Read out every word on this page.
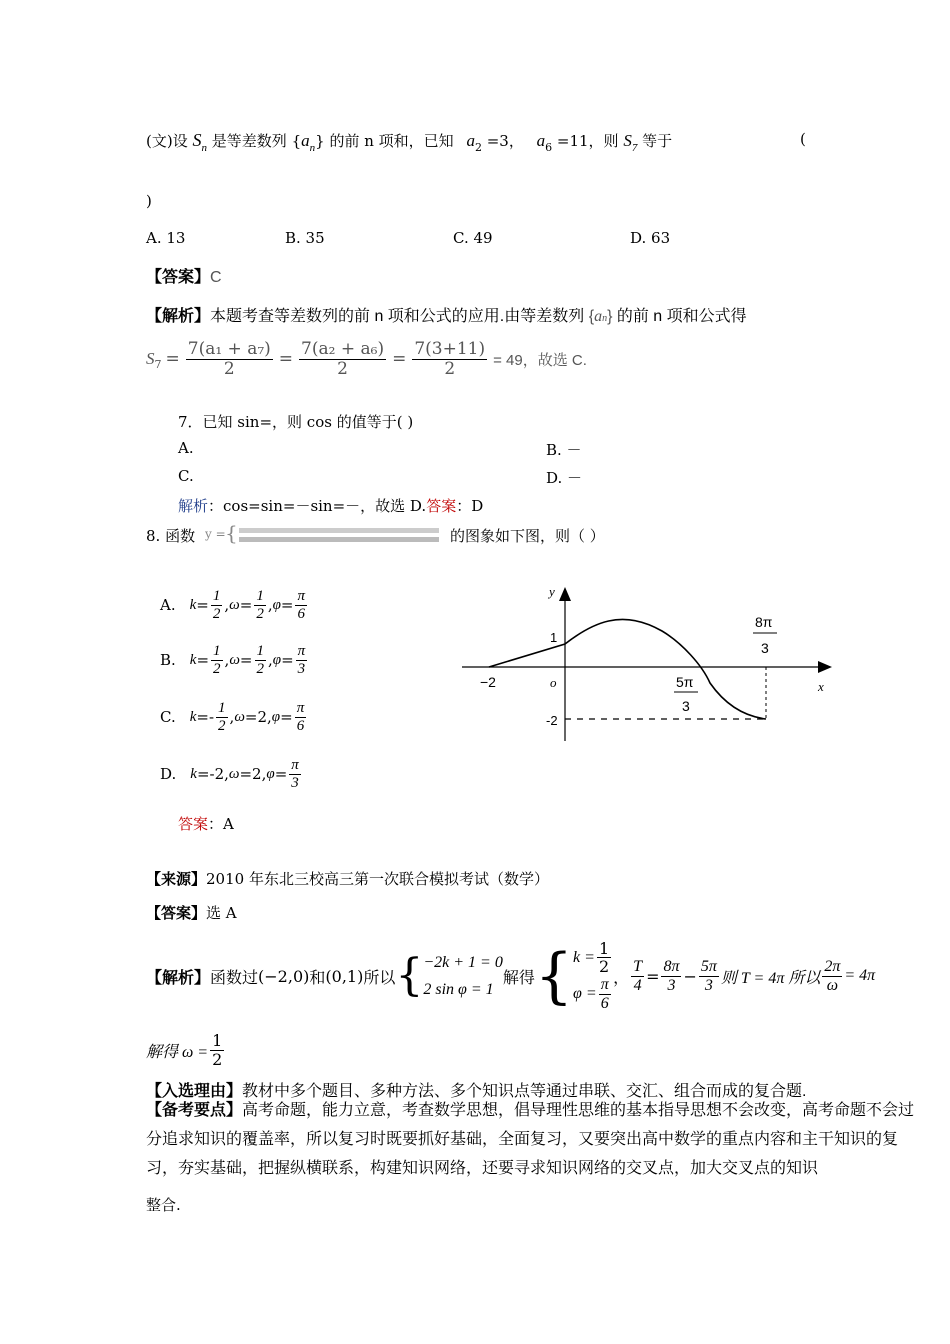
(文)设 $S_n$ 是等差数列 $\{a_n\}$ 的前 n 项和，已知 $a_2 =3$， $a_6 =11$，则 $S_7$ 等于	(
)
A. 13	B. 35	C. 49	D. 63
【答案】C
【解析】本题考查等差数列的前 n 项和公式的应用.由等差数列 {an} 的前 n 项和公式得
S $7 = \frac{\text{7(a₁ + a₇)}}{2} = \frac{\text{7(a₂ + a₆)}}{2} = \frac{7(3+11)}{2} = 49$，故选 C.
7．已知 sin=，则 cos 的值等于( )
A.	B. －
C.	D. －
解析：cos=sin=－sin=－，故选 D.答案：D
8. 函数 y = {	的图象如下图，则（ ）
A. $k = \frac{1}{2}$ , $\omega = \frac{1}{2}$ , $\varphi = \frac{\pi}{6}$
B. $k = \frac{1}{2}$ , $\omega = \frac{1}{2}$ , $\varphi = \frac{\pi}{3}$
C. $k =- \frac{1}{2}$ , ω =2, $\varphi = \frac{\pi}{6}$
D. k =-2, ω =2, $\varphi = \frac{\pi}{3}$
答案：A
y
x
−2	o
1
-2
5π
3
8π
3
【来源】2010 年东北三校高三第一次联合模拟考试（数学）
【答案】选 A
【解析】 函数过 (−2,0) 和 (0,1) 所以 { −2k + 1 = 0
2 sin φ = 1
解得 { $k = \frac{1}{2}$
$\varphi = \frac{\pi}{6}$ ， $\frac{T}{4} = \frac{8\pi}{3} - \frac{5\pi}{3}$ 则 T = 4π 所以 $\frac{2\pi}{\omega} = 4\pi$
解得 $\omega = \frac{1}{2}$
【入选理由】教材中多个题目、多种方法、多个知识点等通过串联、交汇、组合而成的复合题.
【备考要点】高考命题，能力立意，考查数学思想，倡导理性思维的基本指导思想不会改变，高考命题不会过分追求知识的覆盖率，所以复习时既要抓好基础，全面复习，又要突出高中数学的重点内容和主干知识的复习，夯实基础，把握纵横联系，构建知识网络，还要寻求知识网络的交叉点，加大交叉点的知识
整合.
